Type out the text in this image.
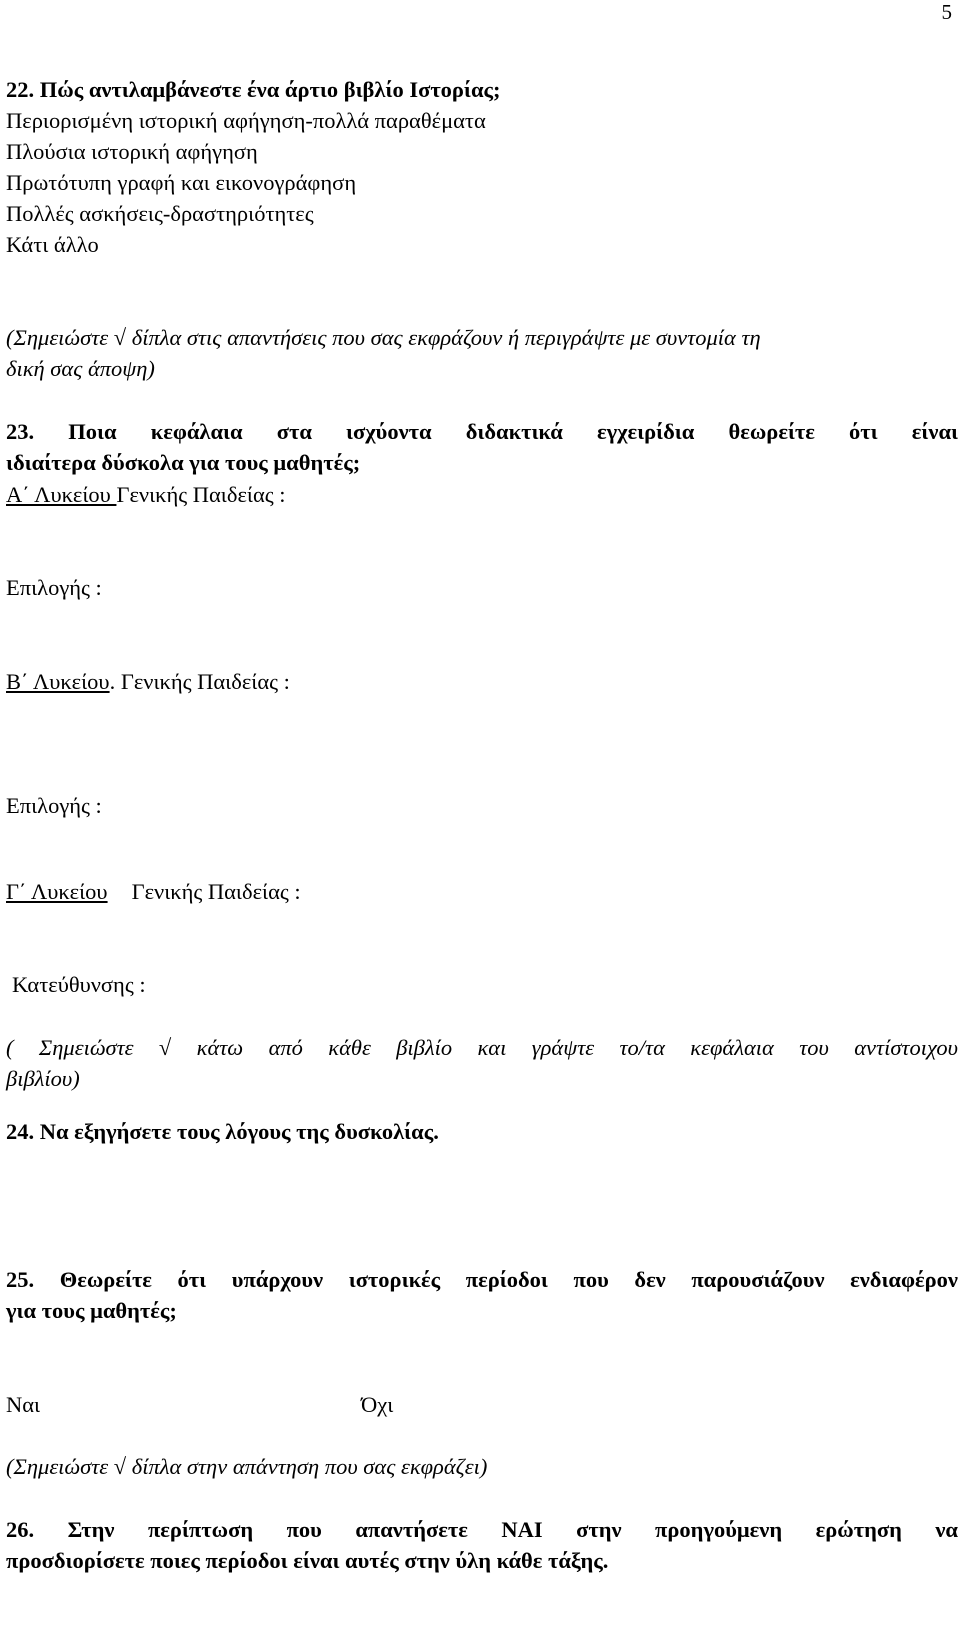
5

22. Πώς αντιλαμβάνεστε ένα άρτιο βιβλίο Ιστορίας;

Περιορισμένη ιστορική αφήγηση-πολλά παραθέματα

Πλούσια ιστορική αφήγηση

Πρωτότυπη γραφή και εικονογράφηση

Πολλές ασκήσεις-δραστηριότητες

Κάτι άλλο

(Σημειώστε √ δίπλα στις απαντήσεις που σας εκφράζουν ή περιγράψτε με συντομία τη

δική σας άποψη)

23. Ποια κεφάλαια στα ισχύοντα διδακτικά εγχειρίδια θεωρείτε ότι είναι

ιδιαίτερα δύσκολα για τους μαθητές;

Α΄ Λυκείου Γενικής Παιδείας :

Επιλογής :

Β΄ Λυκείου. Γενικής Παιδείας :

Επιλογής :

Γ΄ Λυκείου Γενικής Παιδείας :

Κατεύθυνσης :

( Σημειώστε √ κάτω από κάθε βιβλίο και γράψτε το/τα κεφάλαια του αντίστοιχου

βιβλίου)

24. Να εξηγήσετε τους λόγους της δυσκολίας.

25. Θεωρείτε ότι υπάρχουν ιστορικές περίοδοι που δεν παρουσιάζουν ενδιαφέρον

για τους μαθητές;

Ναι	Όχι

(Σημειώστε √ δίπλα στην απάντηση που σας εκφράζει)

26. Στην περίπτωση που απαντήσετε ΝΑΙ στην προηγούμενη ερώτηση να

προσδιορίσετε ποιες περίοδοι είναι αυτές στην ύλη κάθε τάξης.
